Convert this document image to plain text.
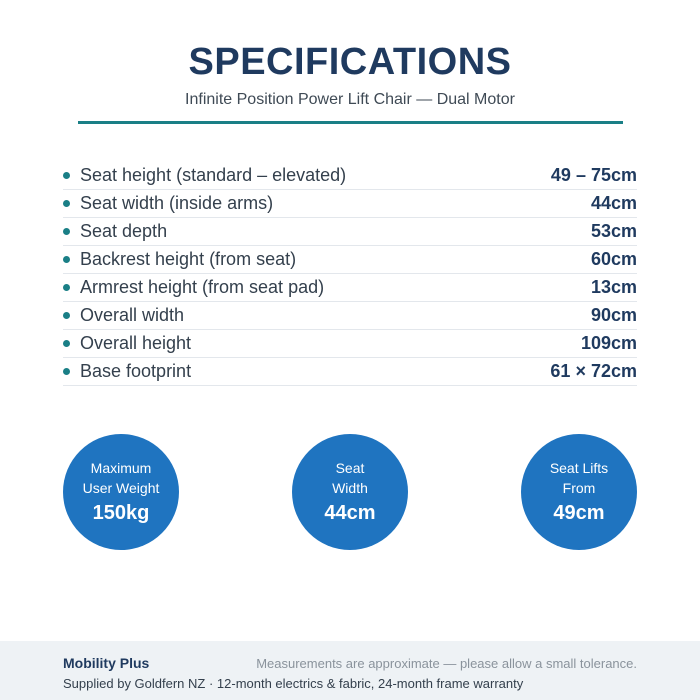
SPECIFICATIONS
Infinite Position Power Lift Chair — Dual Motor
Seat height (standard – elevated)	49 – 75cm
Seat width (inside arms)	44cm
Seat depth	53cm
Backrest height (from seat)	60cm
Armrest height (from seat pad)	13cm
Overall width	90cm
Overall height	109cm
Base footprint	61 × 72cm
Maximum
User Weight
150kg
Seat
Width
44cm
Seat Lifts
From
49cm
Mobility Plus	Measurements are approximate — please allow a small tolerance.
Supplied by Goldfern NZ · 12-month electrics & fabric, 24-month frame warranty
